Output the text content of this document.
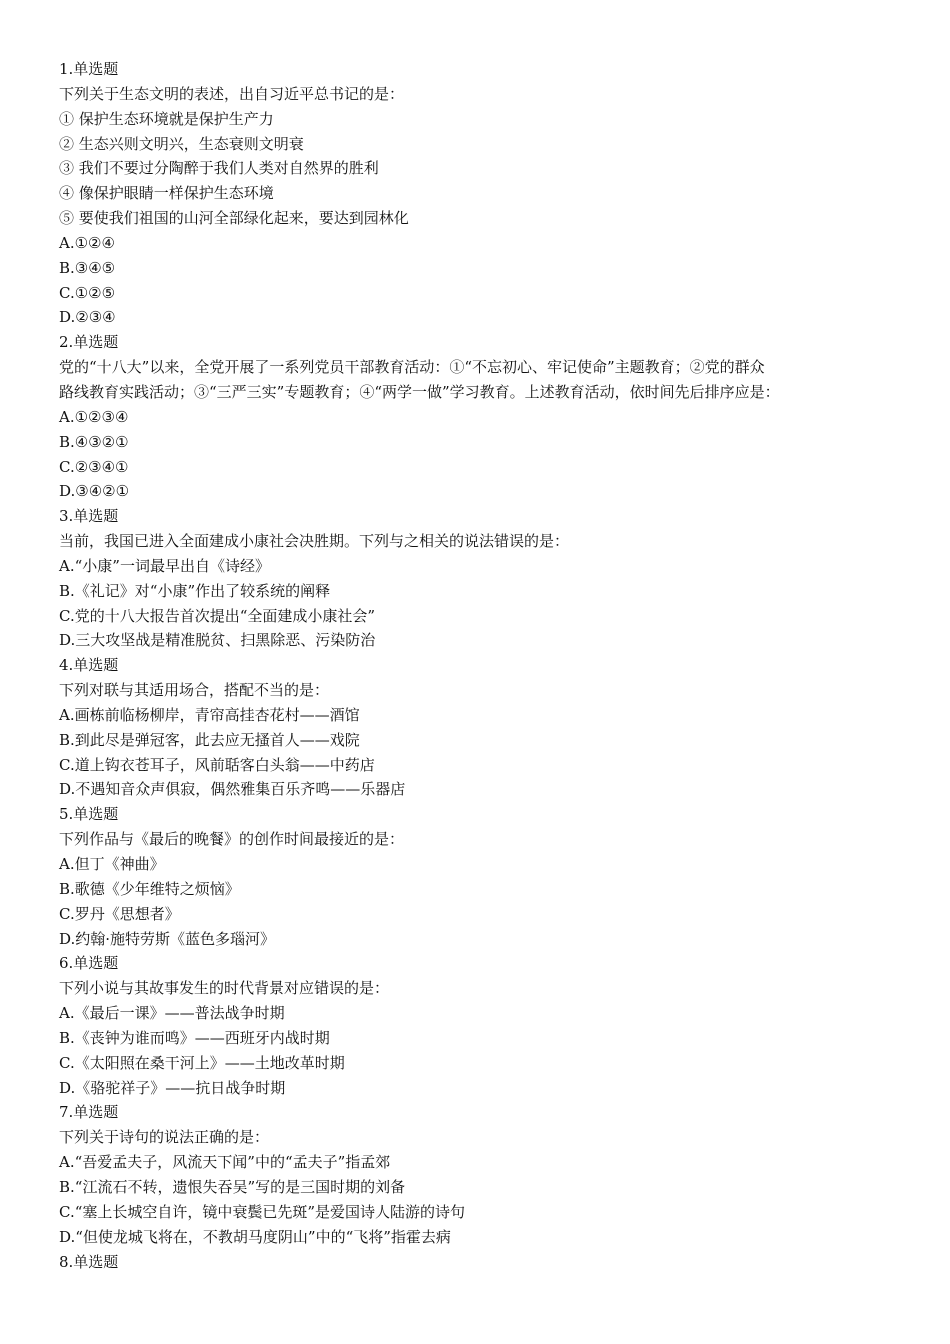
1.单选题
下列关于生态文明的表述，出自习近平总书记的是：
① 保护生态环境就是保护生产力
② 生态兴则文明兴，生态衰则文明衰
③ 我们不要过分陶醉于我们人类对自然界的胜利
④ 像保护眼睛一样保护生态环境
⑤ 要使我们祖国的山河全部绿化起来，要达到园林化
A.①②④
B.③④⑤
C.①②⑤
D.②③④
2.单选题
党的“十八大”以来，全党开展了一系列党员干部教育活动：①“不忘初心、牢记使命”主题教育；②党的群众
路线教育实践活动；③“三严三实”专题教育；④“两学一做”学习教育。上述教育活动，依时间先后排序应是：
A.①②③④
B.④③②①
C.②③④①
D.③④②①
3.单选题
当前，我国已进入全面建成小康社会决胜期。下列与之相关的说法错误的是：
A.“小康”一词最早出自《诗经》
B.《礼记》对“小康”作出了较系统的阐释
C.党的十八大报告首次提出“全面建成小康社会”
D.三大攻坚战是精准脱贫、扫黑除恶、污染防治
4.单选题
下列对联与其适用场合，搭配不当的是：
A.画栋前临杨柳岸，青帘高挂杏花村——酒馆
B.到此尽是弹冠客，此去应无搔首人——戏院
C.道上钩衣苍耳子，风前聒客白头翁——中药店
D.不遇知音众声俱寂，偶然雅集百乐齐鸣——乐器店
5.单选题
下列作品与《最后的晚餐》的创作时间最接近的是：
A.但丁《神曲》
B.歌德《少年维特之烦恼》
C.罗丹《思想者》
D.约翰·施特劳斯《蓝色多瑙河》
6.单选题
下列小说与其故事发生的时代背景对应错误的是：
A.《最后一课》——普法战争时期
B.《丧钟为谁而鸣》——西班牙内战时期
C.《太阳照在桑干河上》——土地改革时期
D.《骆驼祥子》——抗日战争时期
7.单选题
下列关于诗句的说法正确的是：
A.“吾爱孟夫子，风流天下闻”中的“孟夫子”指孟郊
B.“江流石不转，遗恨失吞吴”写的是三国时期的刘备
C.“塞上长城空自许，镜中衰鬓已先斑”是爱国诗人陆游的诗句
D.“但使龙城飞将在，不教胡马度阴山”中的“飞将”指霍去病
8.单选题
